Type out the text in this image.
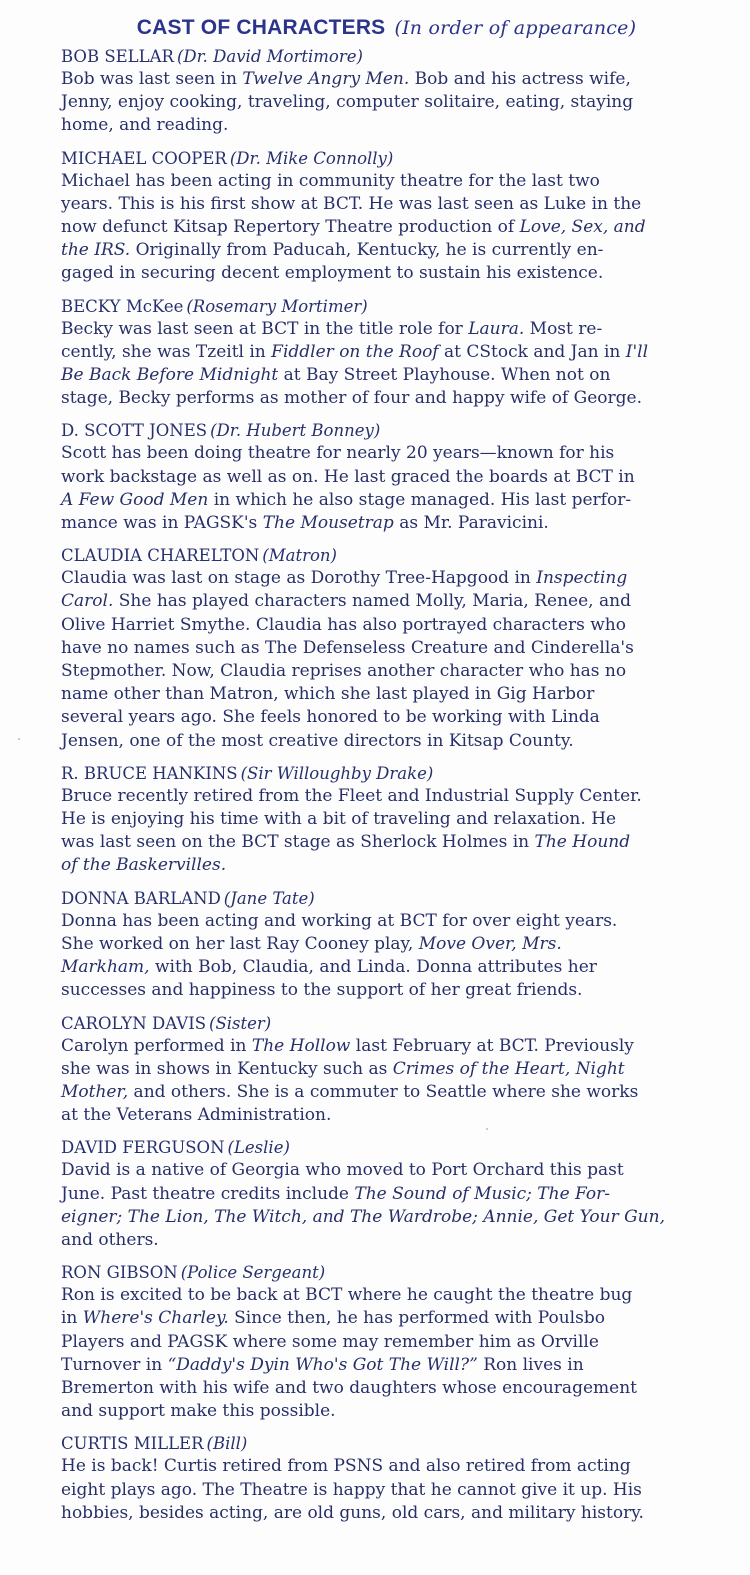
CAST OF CHARACTERS (In order of appearance)
BOB SELLAR (Dr. David Mortimore)
Bob was last seen in Twelve Angry Men. Bob and his actress wife,
Jenny, enjoy cooking, traveling, computer solitaire, eating, staying
home, and reading.
MICHAEL COOPER (Dr. Mike Connolly)
Michael has been acting in community theatre for the last two
years. This is his first show at BCT. He was last seen as Luke in the
now defunct Kitsap Repertory Theatre production of Love, Sex, and
the IRS. Originally from Paducah, Kentucky, he is currently en-
gaged in securing decent employment to sustain his existence.
BECKY McKee (Rosemary Mortimer)
Becky was last seen at BCT in the title role for Laura. Most re-
cently, she was Tzeitl in Fiddler on the Roof at CStock and Jan in I'll
Be Back Before Midnight at Bay Street Playhouse. When not on
stage, Becky performs as mother of four and happy wife of George.
D. SCOTT JONES (Dr. Hubert Bonney)
Scott has been doing theatre for nearly 20 years—known for his
work backstage as well as on. He last graced the boards at BCT in
A Few Good Men in which he also stage managed. His last perfor-
mance was in PAGSK's The Mousetrap as Mr. Paravicini.
CLAUDIA CHARELTON (Matron)
Claudia was last on stage as Dorothy Tree-Hapgood in Inspecting
Carol. She has played characters named Molly, Maria, Renee, and
Olive Harriet Smythe. Claudia has also portrayed characters who
have no names such as The Defenseless Creature and Cinderella's
Stepmother. Now, Claudia reprises another character who has no
name other than Matron, which she last played in Gig Harbor
several years ago. She feels honored to be working with Linda
Jensen, one of the most creative directors in Kitsap County.
R. BRUCE HANKINS (Sir Willoughby Drake)
Bruce recently retired from the Fleet and Industrial Supply Center.
He is enjoying his time with a bit of traveling and relaxation. He
was last seen on the BCT stage as Sherlock Holmes in The Hound
of the Baskervilles.
DONNA BARLAND (Jane Tate)
Donna has been acting and working at BCT for over eight years.
She worked on her last Ray Cooney play, Move Over, Mrs.
Markham, with Bob, Claudia, and Linda. Donna attributes her
successes and happiness to the support of her great friends.
CAROLYN DAVIS (Sister)
Carolyn performed in The Hollow last February at BCT. Previously
she was in shows in Kentucky such as Crimes of the Heart, Night
Mother, and others. She is a commuter to Seattle where she works
at the Veterans Administration.
DAVID FERGUSON (Leslie)
David is a native of Georgia who moved to Port Orchard this past
June. Past theatre credits include The Sound of Music; The For-
eigner; The Lion, The Witch, and The Wardrobe; Annie, Get Your Gun,
and others.
RON GIBSON (Police Sergeant)
Ron is excited to be back at BCT where he caught the theatre bug
in Where's Charley. Since then, he has performed with Poulsbo
Players and PAGSK where some may remember him as Orville
Turnover in “Daddy's Dyin Who's Got The Will?” Ron lives in
Bremerton with his wife and two daughters whose encouragement
and support make this possible.
CURTIS MILLER (Bill)
He is back! Curtis retired from PSNS and also retired from acting
eight plays ago. The Theatre is happy that he cannot give it up. His
hobbies, besides acting, are old guns, old cars, and military history.
